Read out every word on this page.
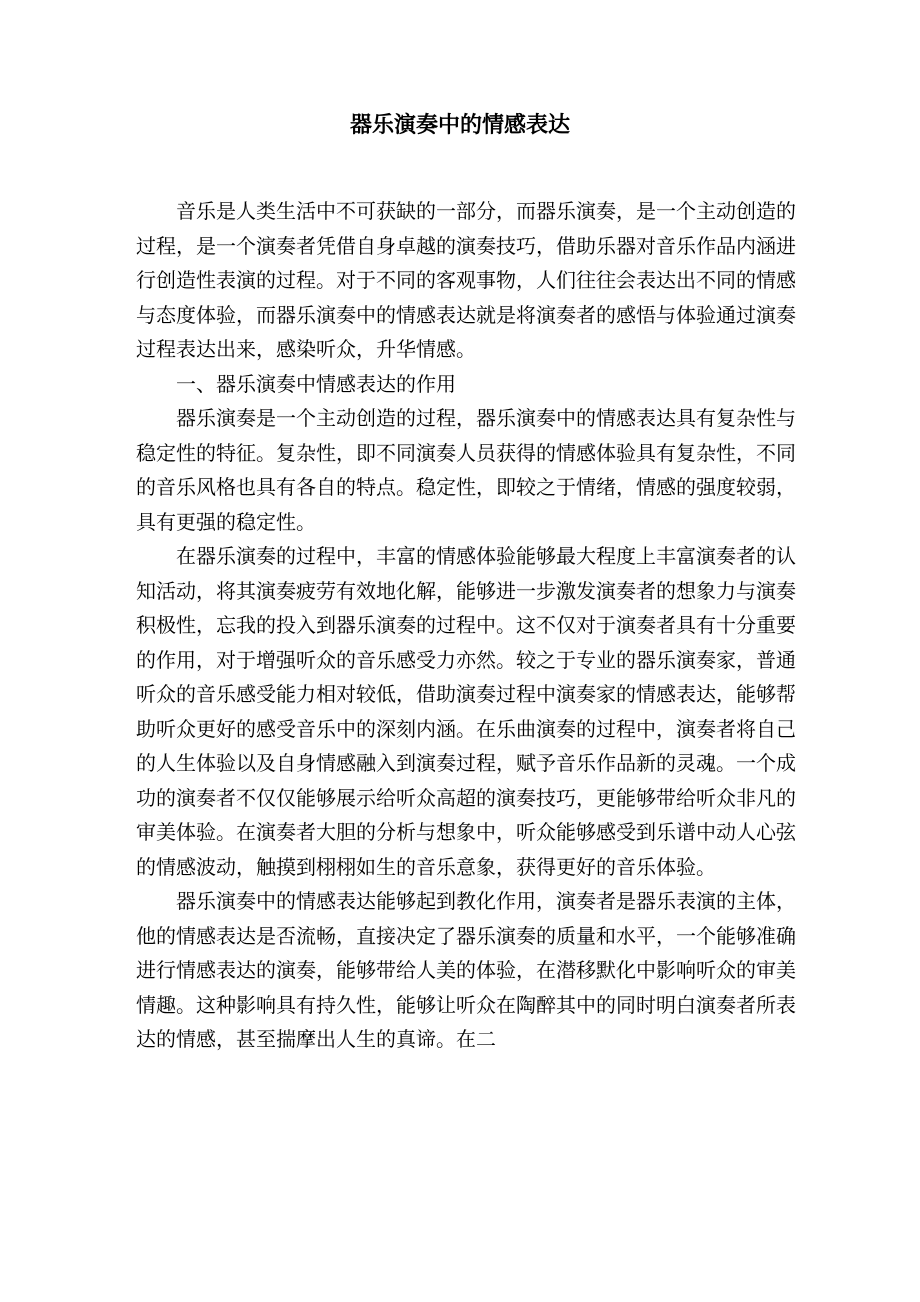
器乐演奏中的情感表达

音乐是人类生活中不可获缺的一部分，而器乐演奏，是一个主动创造的过程，是一个演奏者凭借自身卓越的演奏技巧，借助乐器对音乐作品内涵进行创造性表演的过程。对于不同的客观事物，人们往往会表达出不同的情感与态度体验，而器乐演奏中的情感表达就是将演奏者的感悟与体验通过演奏过程表达出来，感染听众，升华情感。

一、器乐演奏中情感表达的作用

器乐演奏是一个主动创造的过程，器乐演奏中的情感表达具有复杂性与稳定性的特征。复杂性，即不同演奏人员获得的情感体验具有复杂性，不同的音乐风格也具有各自的特点。稳定性，即较之于情绪，情感的强度较弱，具有更强的稳定性。

在器乐演奏的过程中，丰富的情感体验能够最大程度上丰富演奏者的认知活动，将其演奏疲劳有效地化解，能够进一步激发演奏者的想象力与演奏积极性，忘我的投入到器乐演奏的过程中。这不仅对于演奏者具有十分重要的作用，对于增强听众的音乐感受力亦然。较之于专业的器乐演奏家，普通听众的音乐感受能力相对较低，借助演奏过程中演奏家的情感表达，能够帮助听众更好的感受音乐中的深刻内涵。在乐曲演奏的过程中，演奏者将自己的人生体验以及自身情感融入到演奏过程，赋予音乐作品新的灵魂。一个成功的演奏者不仅仅能够展示给听众高超的演奏技巧，更能够带给听众非凡的审美体验。在演奏者大胆的分析与想象中，听众能够感受到乐谱中动人心弦的情感波动，触摸到栩栩如生的音乐意象，获得更好的音乐体验。

器乐演奏中的情感表达能够起到教化作用，演奏者是器乐表演的主体，他的情感表达是否流畅，直接决定了器乐演奏的质量和水平，一个能够准确进行情感表达的演奏，能够带给人美的体验，在潜移默化中影响听众的审美情趣。这种影响具有持久性，能够让听众在陶醉其中的同时明白演奏者所表达的情感，甚至揣摩出人生的真谛。在二
